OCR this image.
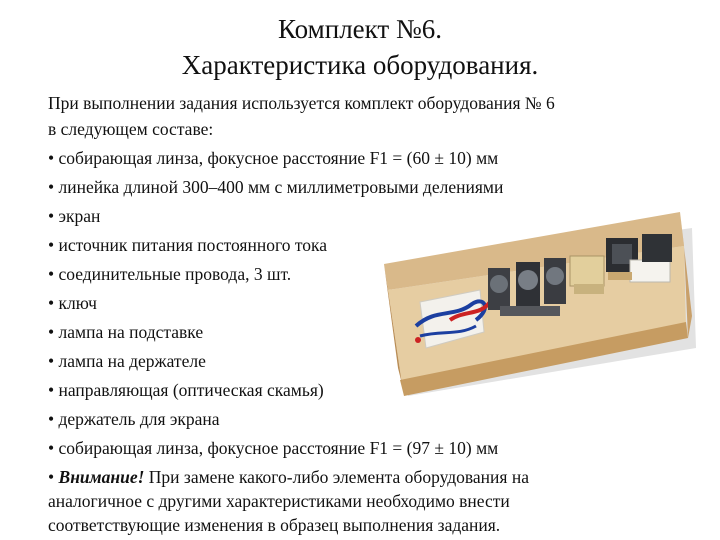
Комплект №6.
Характеристика оборудования.
При выполнении задания используется комплект оборудования № 6
в следующем составе:
• собирающая линза, фокусное расстояние F1 = (60 ± 10) мм
• линейка длиной 300–400 мм с миллиметровыми делениями
• экран
• источник питания постоянного тока
• соединительные провода, 3 шт.
• ключ
• лампа на подставке
• лампа на держателе
• направляющая (оптическая скамья)
• держатель для экрана
• собирающая линза, фокусное расстояние F1 = (97 ± 10) мм
• Внимание! При замене какого-либо элемента оборудования на
аналогичное с другими характеристиками необходимо внести
соответствующие изменения в образец выполнения задания.
